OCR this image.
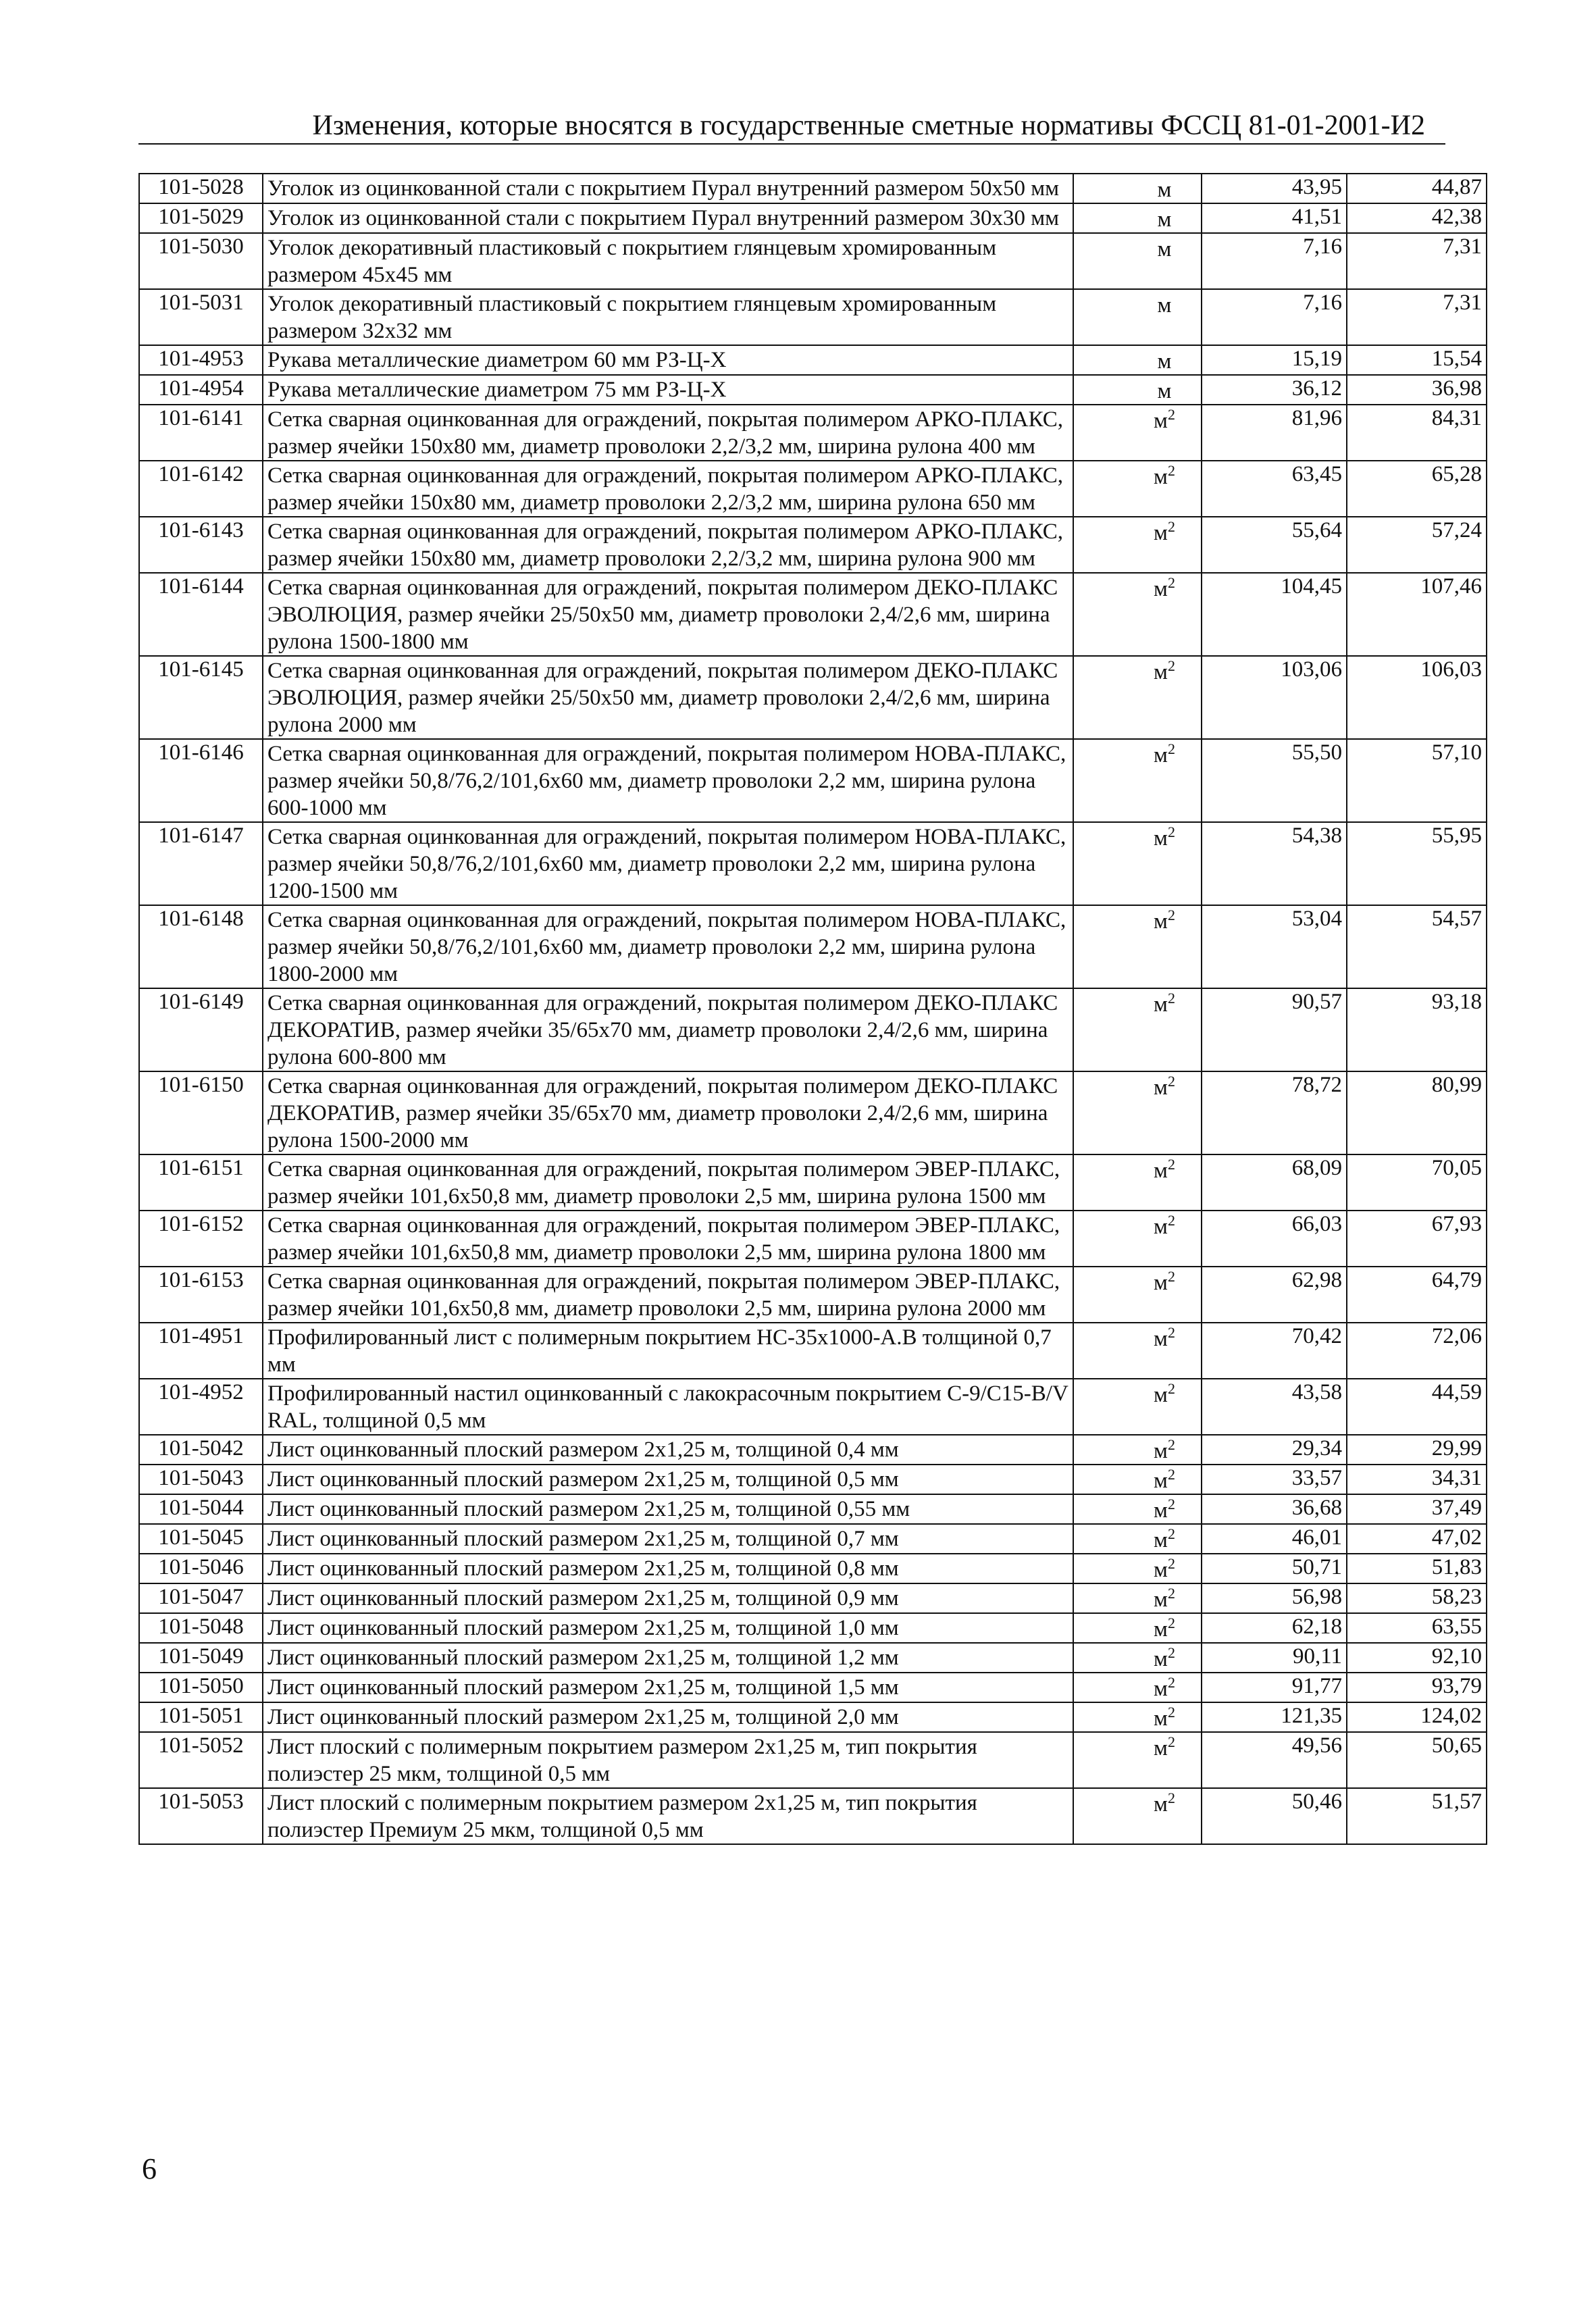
Изменения, которые вносятся в государственные сметные нормативы ФССЦ 81-01-2001-И2
101-5028	Уголок из оцинкованной стали с покрытием Пурал внутренний размером 50x50 мм	м	43,95	44,87
101-5029	Уголок из оцинкованной стали с покрытием Пурал внутренний размером 30x30 мм	м	41,51	42,38
101-5030	Уголок декоративный пластиковый с покрытием глянцевым хромированным размером 45x45 мм	м	7,16	7,31
101-5031	Уголок декоративный пластиковый с покрытием глянцевым хромированным размером 32x32 мм	м	7,16	7,31
101-4953	Рукава металлические диаметром 60 мм РЗ-Ц-Х	м	15,19	15,54
101-4954	Рукава металлические диаметром 75 мм РЗ-Ц-Х	м	36,12	36,98
101-6141	Сетка сварная оцинкованная для ограждений, покрытая полимером АРКО-ПЛАКС, размер ячейки 150x80 мм, диаметр проволоки 2,2/3,2 мм, ширина рулона 400 мм	$м^2$	81,96	84,31
101-6142	Сетка сварная оцинкованная для ограждений, покрытая полимером АРКО-ПЛАКС, размер ячейки 150x80 мм, диаметр проволоки 2,2/3,2 мм, ширина рулона 650 мм	$м^2$	63,45	65,28
101-6143	Сетка сварная оцинкованная для ограждений, покрытая полимером АРКО-ПЛАКС, размер ячейки 150x80 мм, диаметр проволоки 2,2/3,2 мм, ширина рулона 900 мм	$м^2$	55,64	57,24
101-6144	Сетка сварная оцинкованная для ограждений, покрытая полимером ДЕКО-ПЛАКС ЭВОЛЮЦИЯ, размер ячейки 25/50x50 мм, диаметр проволоки 2,4/2,6 мм, ширина рулона 1500-1800 мм	$м^2$	104,45	107,46
101-6145	Сетка сварная оцинкованная для ограждений, покрытая полимером ДЕКО-ПЛАКС ЭВОЛЮЦИЯ, размер ячейки 25/50x50 мм, диаметр проволоки 2,4/2,6 мм, ширина рулона 2000 мм	$м^2$	103,06	106,03
101-6146	Сетка сварная оцинкованная для ограждений, покрытая полимером НОВА-ПЛАКС, размер ячейки 50,8/76,2/101,6x60 мм, диаметр проволоки 2,2 мм, ширина рулона 600-1000 мм	$м^2$	55,50	57,10
101-6147	Сетка сварная оцинкованная для ограждений, покрытая полимером НОВА-ПЛАКС, размер ячейки 50,8/76,2/101,6x60 мм, диаметр проволоки 2,2 мм, ширина рулона 1200-1500 мм	$м^2$	54,38	55,95
101-6148	Сетка сварная оцинкованная для ограждений, покрытая полимером НОВА-ПЛАКС, размер ячейки 50,8/76,2/101,6x60 мм, диаметр проволоки 2,2 мм, ширина рулона 1800-2000 мм	$м^2$	53,04	54,57
101-6149	Сетка сварная оцинкованная для ограждений, покрытая полимером ДЕКО-ПЛАКС ДЕКОРАТИВ, размер ячейки 35/65x70 мм, диаметр проволоки 2,4/2,6 мм, ширина рулона 600-800 мм	$м^2$	90,57	93,18
101-6150	Сетка сварная оцинкованная для ограждений, покрытая полимером ДЕКО-ПЛАКС ДЕКОРАТИВ, размер ячейки 35/65x70 мм, диаметр проволоки 2,4/2,6 мм, ширина рулона 1500-2000 мм	$м^2$	78,72	80,99
101-6151	Сетка сварная оцинкованная для ограждений, покрытая полимером ЭВЕР-ПЛАКС, размер ячейки 101,6x50,8 мм, диаметр проволоки 2,5 мм, ширина рулона 1500 мм	$м^2$	68,09	70,05
101-6152	Сетка сварная оцинкованная для ограждений, покрытая полимером ЭВЕР-ПЛАКС, размер ячейки 101,6x50,8 мм, диаметр проволоки 2,5 мм, ширина рулона 1800 мм	$м^2$	66,03	67,93
101-6153	Сетка сварная оцинкованная для ограждений, покрытая полимером ЭВЕР-ПЛАКС, размер ячейки 101,6x50,8 мм, диаметр проволоки 2,5 мм, ширина рулона 2000 мм	$м^2$	62,98	64,79
101-4951	Профилированный лист с полимерным покрытием НС-35x1000-А.В толщиной 0,7 мм	$м^2$	70,42	72,06
101-4952	Профилированный настил оцинкованный с лакокрасочным покрытием С-9/С15-В/V RAL, толщиной 0,5 мм	$м^2$	43,58	44,59
101-5042	Лист оцинкованный плоский размером 2x1,25 м, толщиной 0,4 мм	$м^2$	29,34	29,99
101-5043	Лист оцинкованный плоский размером 2x1,25 м, толщиной 0,5 мм	$м^2$	33,57	34,31
101-5044	Лист оцинкованный плоский размером 2x1,25 м, толщиной 0,55 мм	$м^2$	36,68	37,49
101-5045	Лист оцинкованный плоский размером 2x1,25 м, толщиной 0,7 мм	$м^2$	46,01	47,02
101-5046	Лист оцинкованный плоский размером 2x1,25 м, толщиной 0,8 мм	$м^2$	50,71	51,83
101-5047	Лист оцинкованный плоский размером 2x1,25 м, толщиной 0,9 мм	$м^2$	56,98	58,23
101-5048	Лист оцинкованный плоский размером 2x1,25 м, толщиной 1,0 мм	$м^2$	62,18	63,55
101-5049	Лист оцинкованный плоский размером 2x1,25 м, толщиной 1,2 мм	$м^2$	90,11	92,10
101-5050	Лист оцинкованный плоский размером 2x1,25 м, толщиной 1,5 мм	$м^2$	91,77	93,79
101-5051	Лист оцинкованный плоский размером 2x1,25 м, толщиной 2,0 мм	$м^2$	121,35	124,02
101-5052	Лист плоский с полимерным покрытием размером 2x1,25 м, тип покрытия полиэстер 25 мкм, толщиной 0,5 мм	$м^2$	49,56	50,65
101-5053	Лист плоский с полимерным покрытием размером 2x1,25 м, тип покрытия полиэстер Премиум 25 мкм, толщиной 0,5 мм	$м^2$	50,46	51,57
6
